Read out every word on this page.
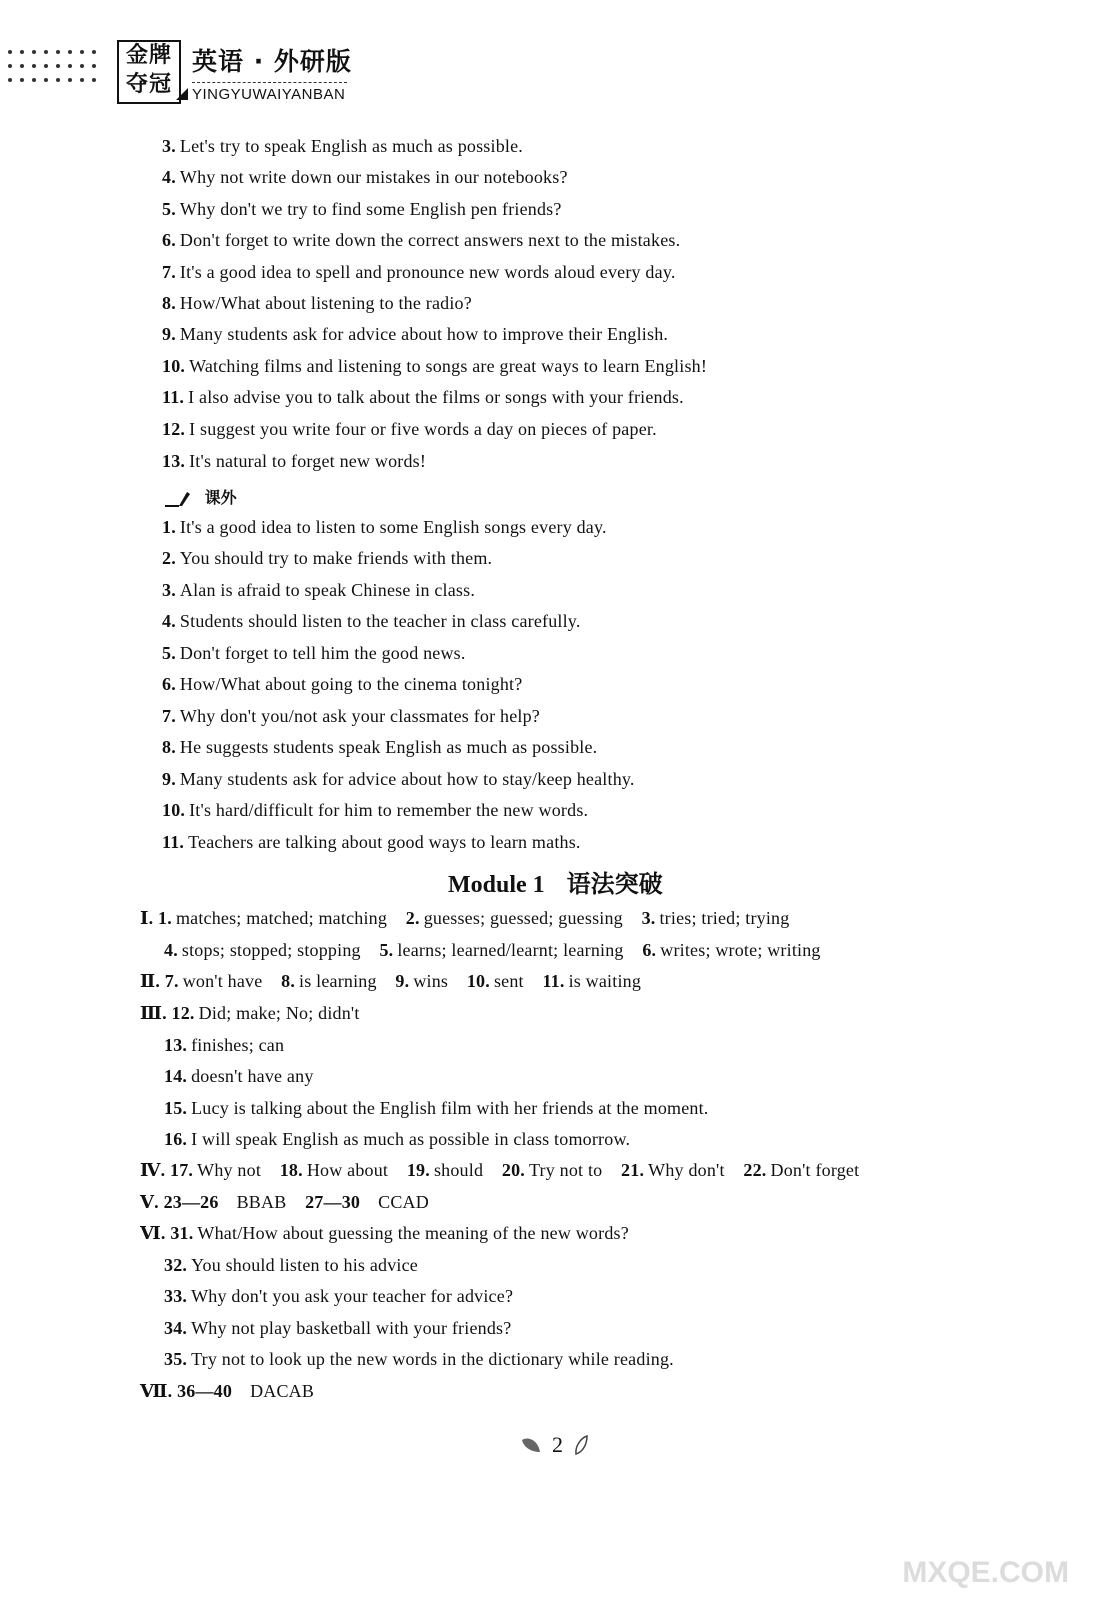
金牌
夺冠
英语 · 外研版
YINGYUWAIYANBAN
3. Let's try to speak English as much as possible.
4. Why not write down our mistakes in our notebooks?
5. Why don't we try to find some English pen friends?
6. Don't forget to write down the correct answers next to the mistakes.
7. It's a good idea to spell and pronounce new words aloud every day.
8. How/What about listening to the radio?
9. Many students ask for advice about how to improve their English.
10. Watching films and listening to songs are great ways to learn English!
11. I also advise you to talk about the films or songs with your friends.
12. I suggest you write four or five words a day on pieces of paper.
13. It's natural to forget new words!
课外
1. It's a good idea to listen to some English songs every day.
2. You should try to make friends with them.
3. Alan is afraid to speak Chinese in class.
4. Students should listen to the teacher in class carefully.
5. Don't forget to tell him the good news.
6. How/What about going to the cinema tonight?
7. Why don't you/not ask your classmates for help?
8. He suggests students speak English as much as possible.
9. Many students ask for advice about how to stay/keep healthy.
10. It's hard/difficult for him to remember the new words.
11. Teachers are talking about good ways to learn maths.
Module 1 语法突破
Ⅰ. 1. matches; matched; matching 2. guesses; guessed; guessing 3. tries; tried; trying
4. stops; stopped; stopping 5. learns; learned/learnt; learning 6. writes; wrote; writing
Ⅱ. 7. won't have 8. is learning 9. wins 10. sent 11. is waiting
Ⅲ. 12. Did; make; No; didn't
13. finishes; can
14. doesn't have any
15. Lucy is talking about the English film with her friends at the moment.
16. I will speak English as much as possible in class tomorrow.
Ⅳ. 17. Why not 18. How about 19. should 20. Try not to 21. Why don't 22. Don't forget
Ⅴ. 23—26 BBAB 27—30 CCAD
Ⅵ. 31. What/How about guessing the meaning of the new words?
32. You should listen to his advice
33. Why don't you ask your teacher for advice?
34. Why not play basketball with your friends?
35. Try not to look up the new words in the dictionary while reading.
Ⅶ. 36—40 DACAB
2
MXQE.COM
